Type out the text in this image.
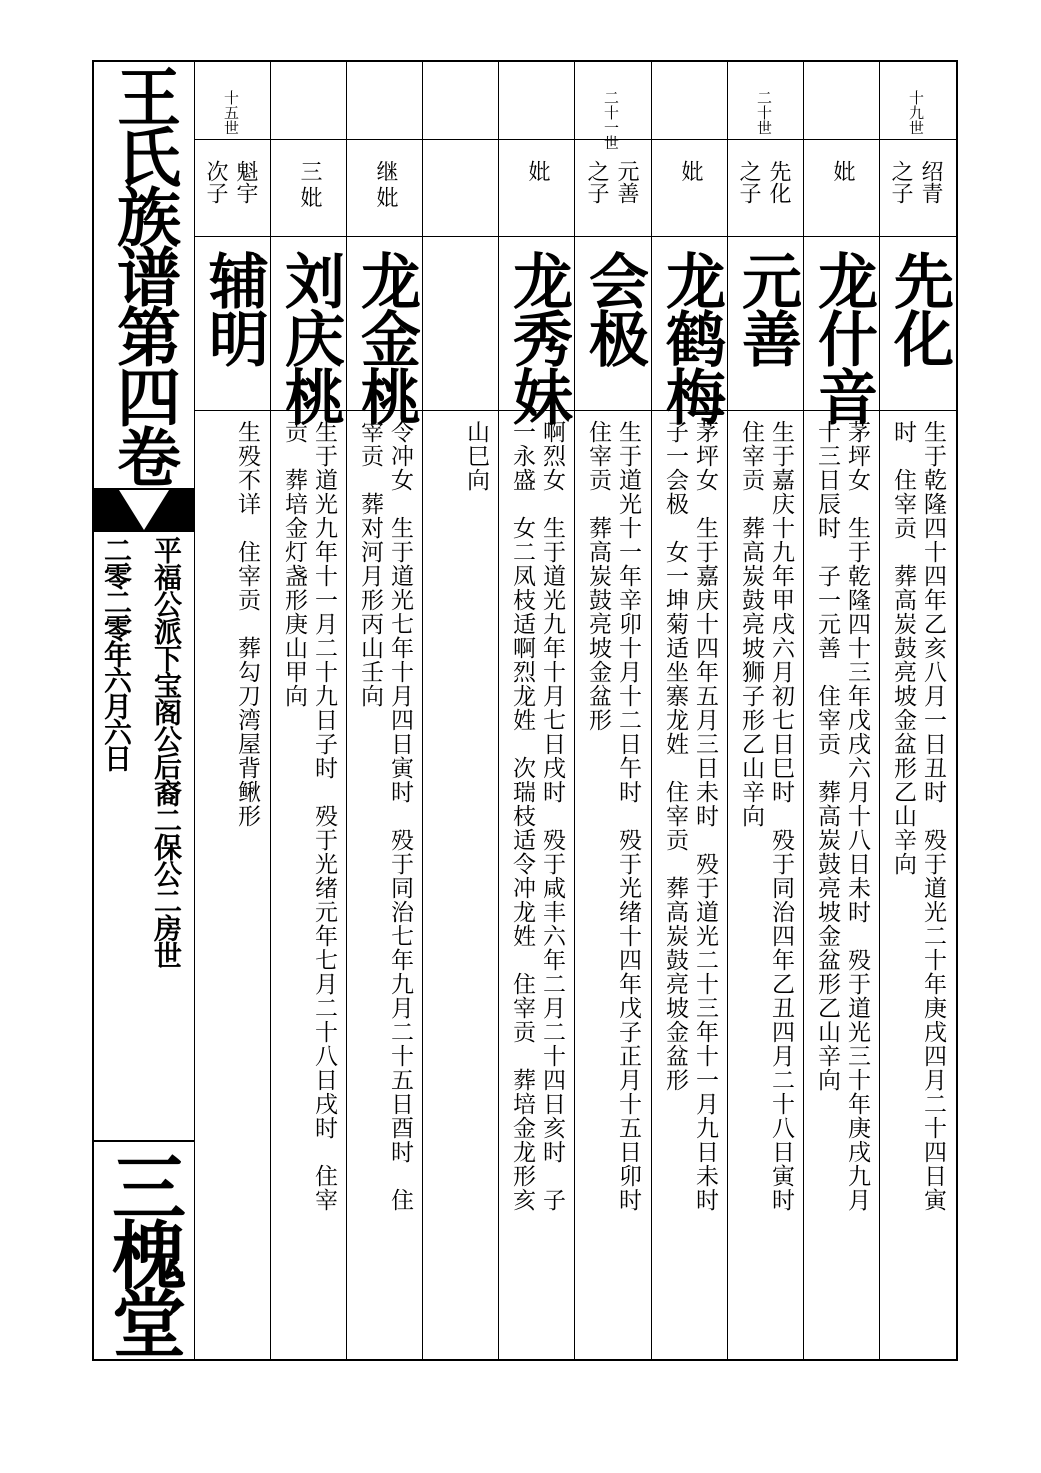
王氏族谱第四卷
平福公派下宝阁公后裔二保公二房世
二零二零年六月六日
三槐堂
十九世
绍青
之子
先化
生于乾隆四十四年乙亥八月一日丑时　殁于道光二十年庚戌四月二十四日寅
时　住宰贡　葬高炭鼓亮坡金盆形乙山辛向
妣
龙什音
茅坪女　生于乾隆四十三年戊戌六月十八日未时　殁于道光三十年庚戌九月
十三日辰时　子一元善　住宰贡　葬高炭鼓亮坡金盆形乙山辛向
二十世
先化
之子
元善
生于嘉庆十九年甲戌六月初七日巳时　殁于同治四年乙丑四月二十八日寅时
住宰贡　葬高炭鼓亮坡狮子形乙山辛向
妣
龙鹤梅
茅坪女　生于嘉庆十四年五月三日未时　殁于道光二十三年十一月九日未时
子一会极　女一坤菊适坐寨龙姓　住宰贡　葬高炭鼓亮坡金盆形
二十一世
元善
之子
会极
生于道光十一年辛卯十月十二日午时　殁于光绪十四年戊子正月十五日卯时
住宰贡　葬高炭鼓亮坡金盆形
妣
龙秀妹
啊烈女　生于道光九年十月七日戌时　殁于咸丰六年二月二十四日亥时　子
一永盛　女二凤枝适啊烈龙姓　次瑞枝适令冲龙姓　住宰贡　葬培金龙形亥
山巳向
继
妣
龙金桃
令冲女　生于道光七年十月四日寅时　殁于同治七年九月二十五日酉时　住
宰贡　葬对河月形丙山壬向
三
妣
刘庆桃
生于道光九年十一月二十九日子时　殁于光绪元年七月二十八日戌时　住宰
贡　葬培金灯盏形庚山甲向
十五世
魁宇
次子
辅明
生殁不详　住宰贡　葬勾刀湾屋背鳅形
